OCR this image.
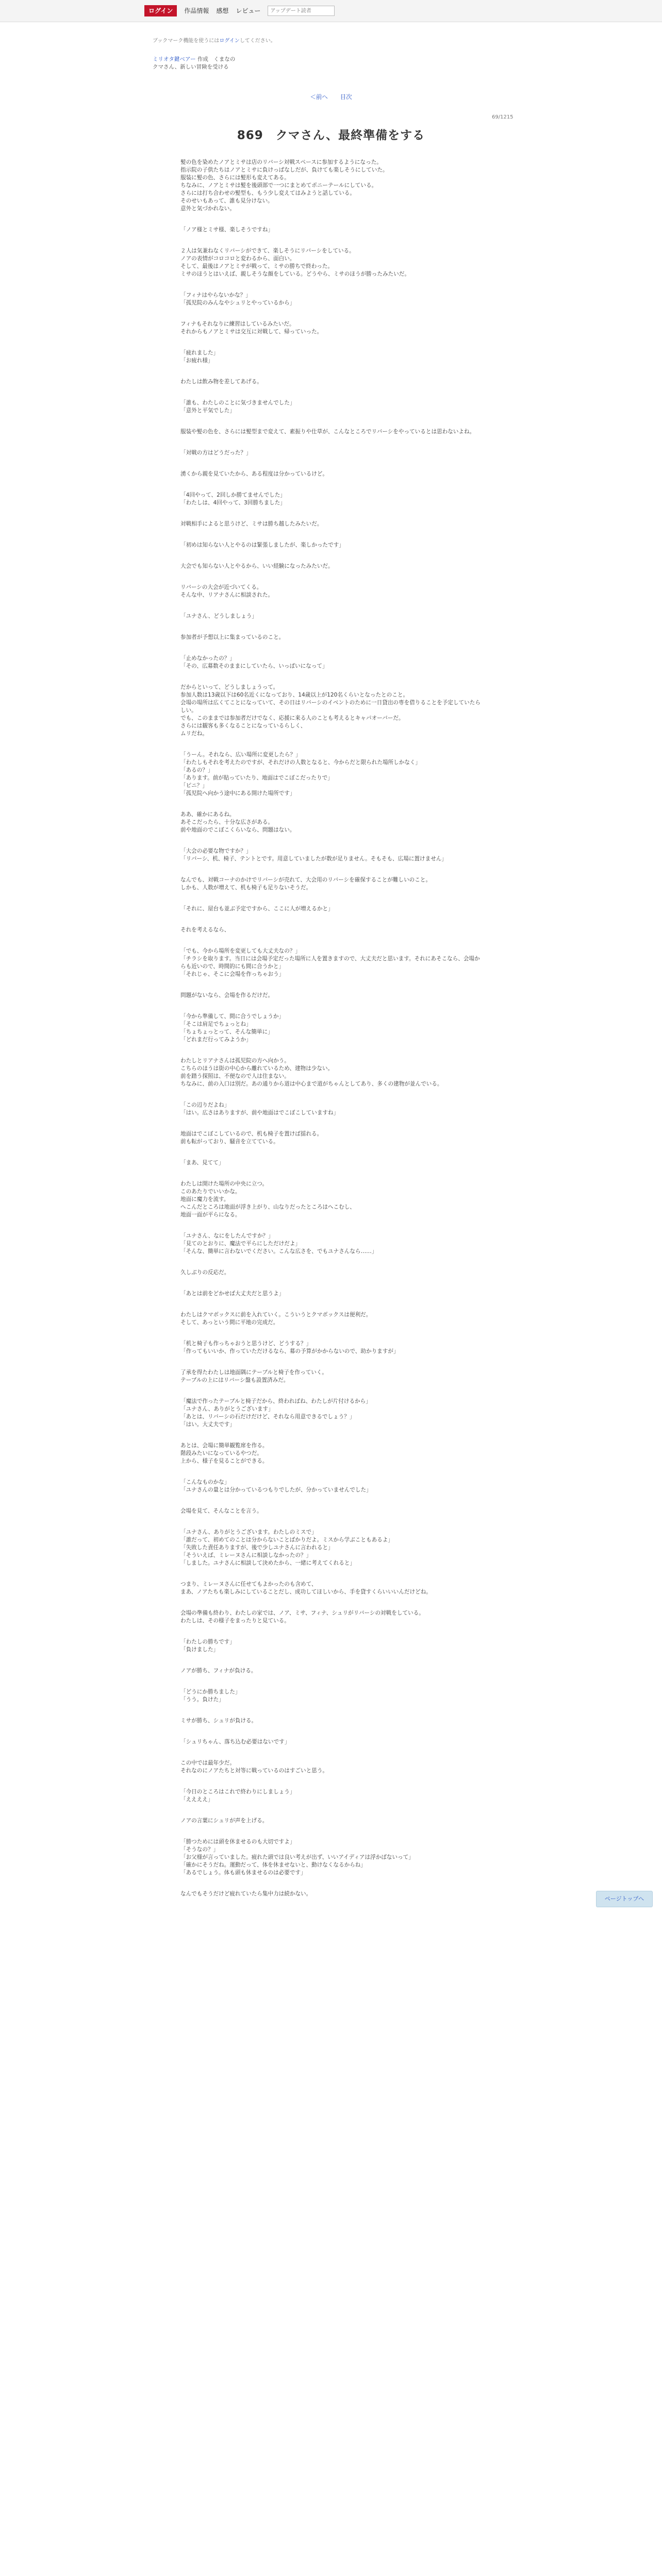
ログイン	作品情報 感想 レビュー
アップデート読者
ブックマーク機能を使うにはログインしてください。
ミリオタ鍵ベアー 作成　くまなの
クマさん、新しい冒険を受ける
＜前へ 目次
69/1215
869　クマさん、最終準備をする
髪の色を染めたノアとミサは店のリバーシ対戦スペースに参加するようになった。
指示院の子供たちはノアとミサに負けっぱなしだが、負けても楽しそうにしていた。
服装に髪の色、さらには髪形も変えてある。
ちなみに、ノアとミサは髪を後頭部で一つにまとめてポニーテールにしている。
さらには打ち合わせの髪型も、もう少し変えてはみようと話している。
そのせいもあって、誰も見分けない。
意外と気づかれない。
「ノア様とミサ様、楽しそうですね」
２人は気兼ねなくリバーシができて、楽しそうにリバーシをしている。
ノアの表情がコロコロと変わるから、面白い。
そして、最後はノアとミサが戦って、ミサの勝ちで終わった。
ミサのほうとはいえば、親しそうな顔をしている。どうやら、ミサのほうが勝ったみたいだ。
「フィナはやらないかな？」
「孤児院のみんなやシュリとやっているから」
フィナもそれなりに練習はしているみたいだ。
それからもノアとミサは交互に対戦して、帰っていった。
「疲れました」
「お疲れ様」
わたしは飲み物を差してあげる。
「誰も、わたしのことに気づきませんでした」
「意外と平気でした」
服装や髪の色を、さらには髪型まで変えて、素振りや仕草が、こんなところでリバーシをやっているとは思わないよね。
「対戦の方はどうだった？」
湧くから親を見ていたから、ある程度は分かっているけど。
「4回やって、2回しか勝てませんでした」
「わたしは、4回やって、3回勝ちました」
対戦相手によると思うけど、ミサは勝ち越したみたいだ。
「初めは知らない人とやるのは緊張しましたが、楽しかったです」
大会でも知らない人とやるから、いい経験になったみたいだ。
リバーシの大会が近づいてくる。
そんな中、リアナさんに相談された。
「ユナさん、どうしましょう」
参加者が予想以上に集まっているのこと。
「止めなかったの？」
「その、広募数そのままにしていたら、いっぱいになって」
だからといって、どうしましょうって。
参加人数は13歳以下は60名近くになっており、14歳以上が120名くらいとなったとのこと。
会場の場所は広くてことになっていて、その日はリバーシのイベントのために一日貸出の専を借りることを予定していたらしい。
でも、このままでは参加者だけでなく、応援に来る人のことも考えるとキャパオーバーだ。
さらには観客も多くなることになっているらしく、
ムリだね。
「うーん。それなら、広い場所に変更したら？」
「わたしもそれを考えたのですが、それだけの人数となると、今からだと限られた場所しかなく」
「あるの？」
「あります。前が貼っていたり、地面はでこぼこだったりで」
「ピニ？」
「孤児院へ向かう途中にある開けた場所です」
ああ、確かにあるね。
あそこだったら、十分な広さがある。
前や地面のでこぼこくらいなら、問題はない。
「大会の必要な物ですか？」
「リバーシ、机、椅子、テントとです。用意していましたが数が足りません。そもそも、広場に置けません」
なんでも、対戦コーナのかけでリバーシが売れて、大会用のリバーシを確保することが難しいのこと。
しかも、人数が増えて、机も椅子も足りないそうだ。
「それに、屋台も並ぶ予定ですから、ここに人が増えるかと」
それを考えるなら、
「でも、今から場所を変更しても大丈夫なの？」
「チラシを取ります。当日には会場予定だった場所に人を置きますので、大丈夫だと思います。それにあそこなら、会場からも近いので、時間的にも間に合うかと」
「それじゃ、そこに会場を作っちゃおう」
問題がないなら、会場を作るだけだ。
「今から準備して、間に合うでしょうか」
「そこは肩足でちょっとね」
「ちょちょっとって、そんな簡単に」
「どれまだ行ってみようか」
わたしとリアナさんは孤児院の方へ向かう。
こちらのほうは街の中心から離れているため、建物は少ない。
前を踏う探照は、不便なので人は住まない。
ちなみに、前の入口は別だ。あの通りから道は中心まで道がちゃんとしてあり、多くの建物が並んでいる。
「この辺りだよね」
「はい。広さはありますが、前や地面はでこぼこしていますね」
地面はでこぼこしているので、机も椅子を置けば揺れる。
前も転がっており、騒音を立てている。
「まあ、見てて」
わたしは開けた場所の中央に立つ。
このあたりでいいかな。
地面に魔力を流す。
へこんだところは地面が浮き上がり、山なりだったところはへこむし、
地面一面が平らになる。
「ユナさん、なにをしたんですか？」
「見てのとおりに、魔法で平らにしただけだよ」
「そんな、簡単に言わないでください。こんな広さを、でもユナさんなら……」
久しぶりの反応だ。
「あとは前をどかせば大丈夫だと思うよ」
わたしはクマボックスに前を入れていく。こういうとクマボックスは便利だ。
そして、あっという間に平地の完成だ。
「机と椅子も作っちゃおうと思うけど、どうする？」
「作ってもいいか、作っていただけるなら、募の予算がかからないので、助かりますが」
了承を得たわたしは地面隅にテーブルと椅子を作っていく。
テーブルの上にはリバーシ盤も設置済みだ。
「魔法で作ったテーブルと椅子だから、終わればね、わたしが片付けるから」
「ユナさん、ありがとうございます」
「あとは、リバーシの石だけだけど、それなら用意できるでしょう？」
「はい。大丈夫です」
あとは、会場に簡単観覧席を作る。
階段みたいになっているやつだ。
上から、様子を見ることができる。
「こんなものかな」
「ユナさんの量とは分かっているつもりでしたが、分かっていませんでした」
会場を見て、そんなことを言う。
「ユナさん、ありがとうございます。わたしのミスで」
「誰だって、初めてのことは分からないことばかりだよ。ミスから学ぶこともあるよ」
「失敗した責任ありますが、後で少しユナさんに言われると」
「そういえば、ミレーヌさんに相談しなかったの？」
「しました。ユナさんに相談して決めたから、一緒に考えてくれると」
つまり、ミレーヌさんに任せてもよかったのも含めて、
まあ、ノアたちも楽しみにしていることだし、成功してほしいから、手を貸すくらいいいんだけどね。
会場の準備も終わり、わたしの家では、ノア、ミサ、フィナ、シュリがリバーシの対戦をしている。
わたしは、その様子をまったりと見ている。
「わたしの勝ちです」
「負けました」
ノアが勝ち、フィナが負ける。
「どうにか勝ちました」
「うう。負けた」
ミサが勝ち、シュリが負ける。
「シュリちゃん、落ち込む必要はないです」
この中では最年少だ。
それなのにノアたちと対等に戦っているのはすごいと思う。
「今日のところはこれで終わりにしましょう」
「ええええ」
ノアの言葉にシュリが声を上げる。
「勝つためには頭を休ませるのも大切ですよ」
「そうなの？」
「お父様が言っていました。疲れた頭では良い考えが出ず、いいアイディアは浮かばないって」
「確かにそうだね。運動だって、体を休ませないと、動けなくなるからね」
「あるでしょう。体も頭も休ませるのは必要です」
なんでもそうだけど疲れていたら集中力は続かない。
ページトップへ
